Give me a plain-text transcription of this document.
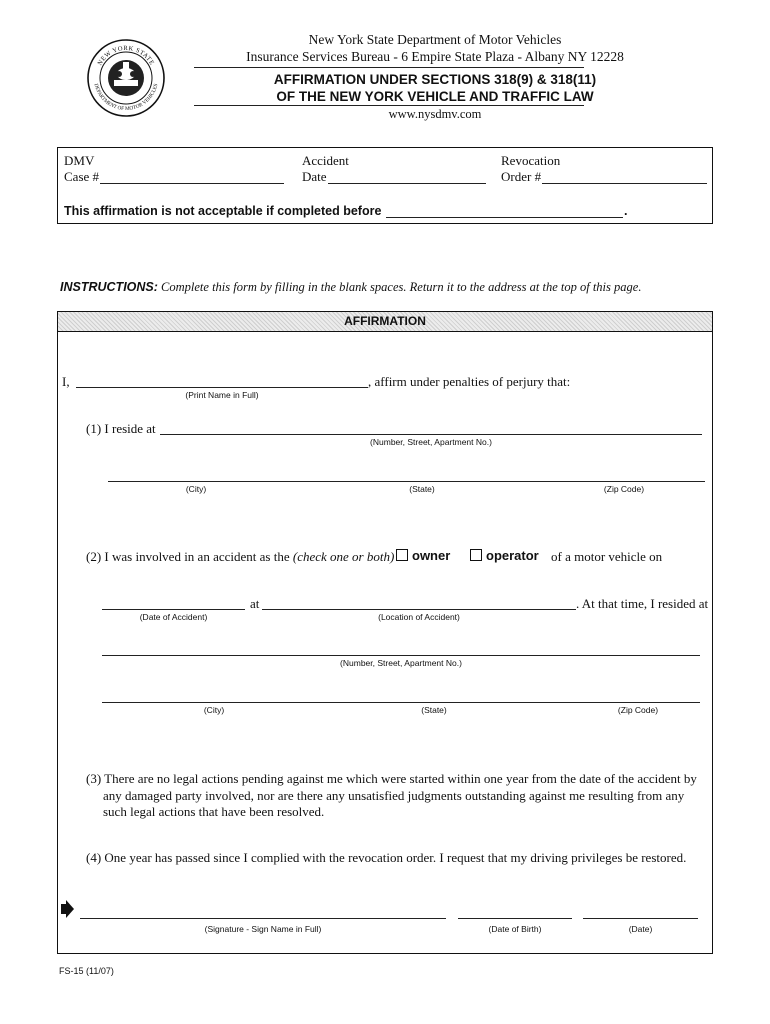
NEW YORK STATE
DEPARTMENT OF MOTOR VEHICLES
New York State Department of Motor Vehicles
Insurance Services Bureau - 6 Empire State Plaza - Albany NY 12228
AFFIRMATION UNDER SECTIONS 318(9) & 318(11)
OF THE NEW YORK VEHICLE AND TRAFFIC LAW
www.nysdmv.com
DMV
Case #
Accident
Date
Revocation
Order #
This affirmation is not acceptable if completed before	.
INSTRUCTIONS: Complete this form by filling in the blank spaces. Return it to the address at the top of this page.
AFFIRMATION
I,	, affirm under penalties of perjury that:
(Print Name in Full)
(1) I reside at
(Number, Street, Apartment No.)
(City)	(State)	(Zip Code)
(2) I was involved in an accident as the (check one or both)	owner	operator of a motor vehicle on
at	. At that time, I resided at
(Date of Accident)	(Location of Accident)
(Number, Street, Apartment No.)
(City)	(State)	(Zip Code)
(3) There are no legal actions pending against me which were started within one year from the date of the accident by any damaged party involved, nor are there any unsatisfied judgments outstanding against me resulting from any such legal actions that have been resolved.
(4) One year has passed since I complied with the revocation order. I request that my driving privileges be restored.
(Signature - Sign Name in Full)	(Date of Birth)	(Date)
FS-15 (11/07)
